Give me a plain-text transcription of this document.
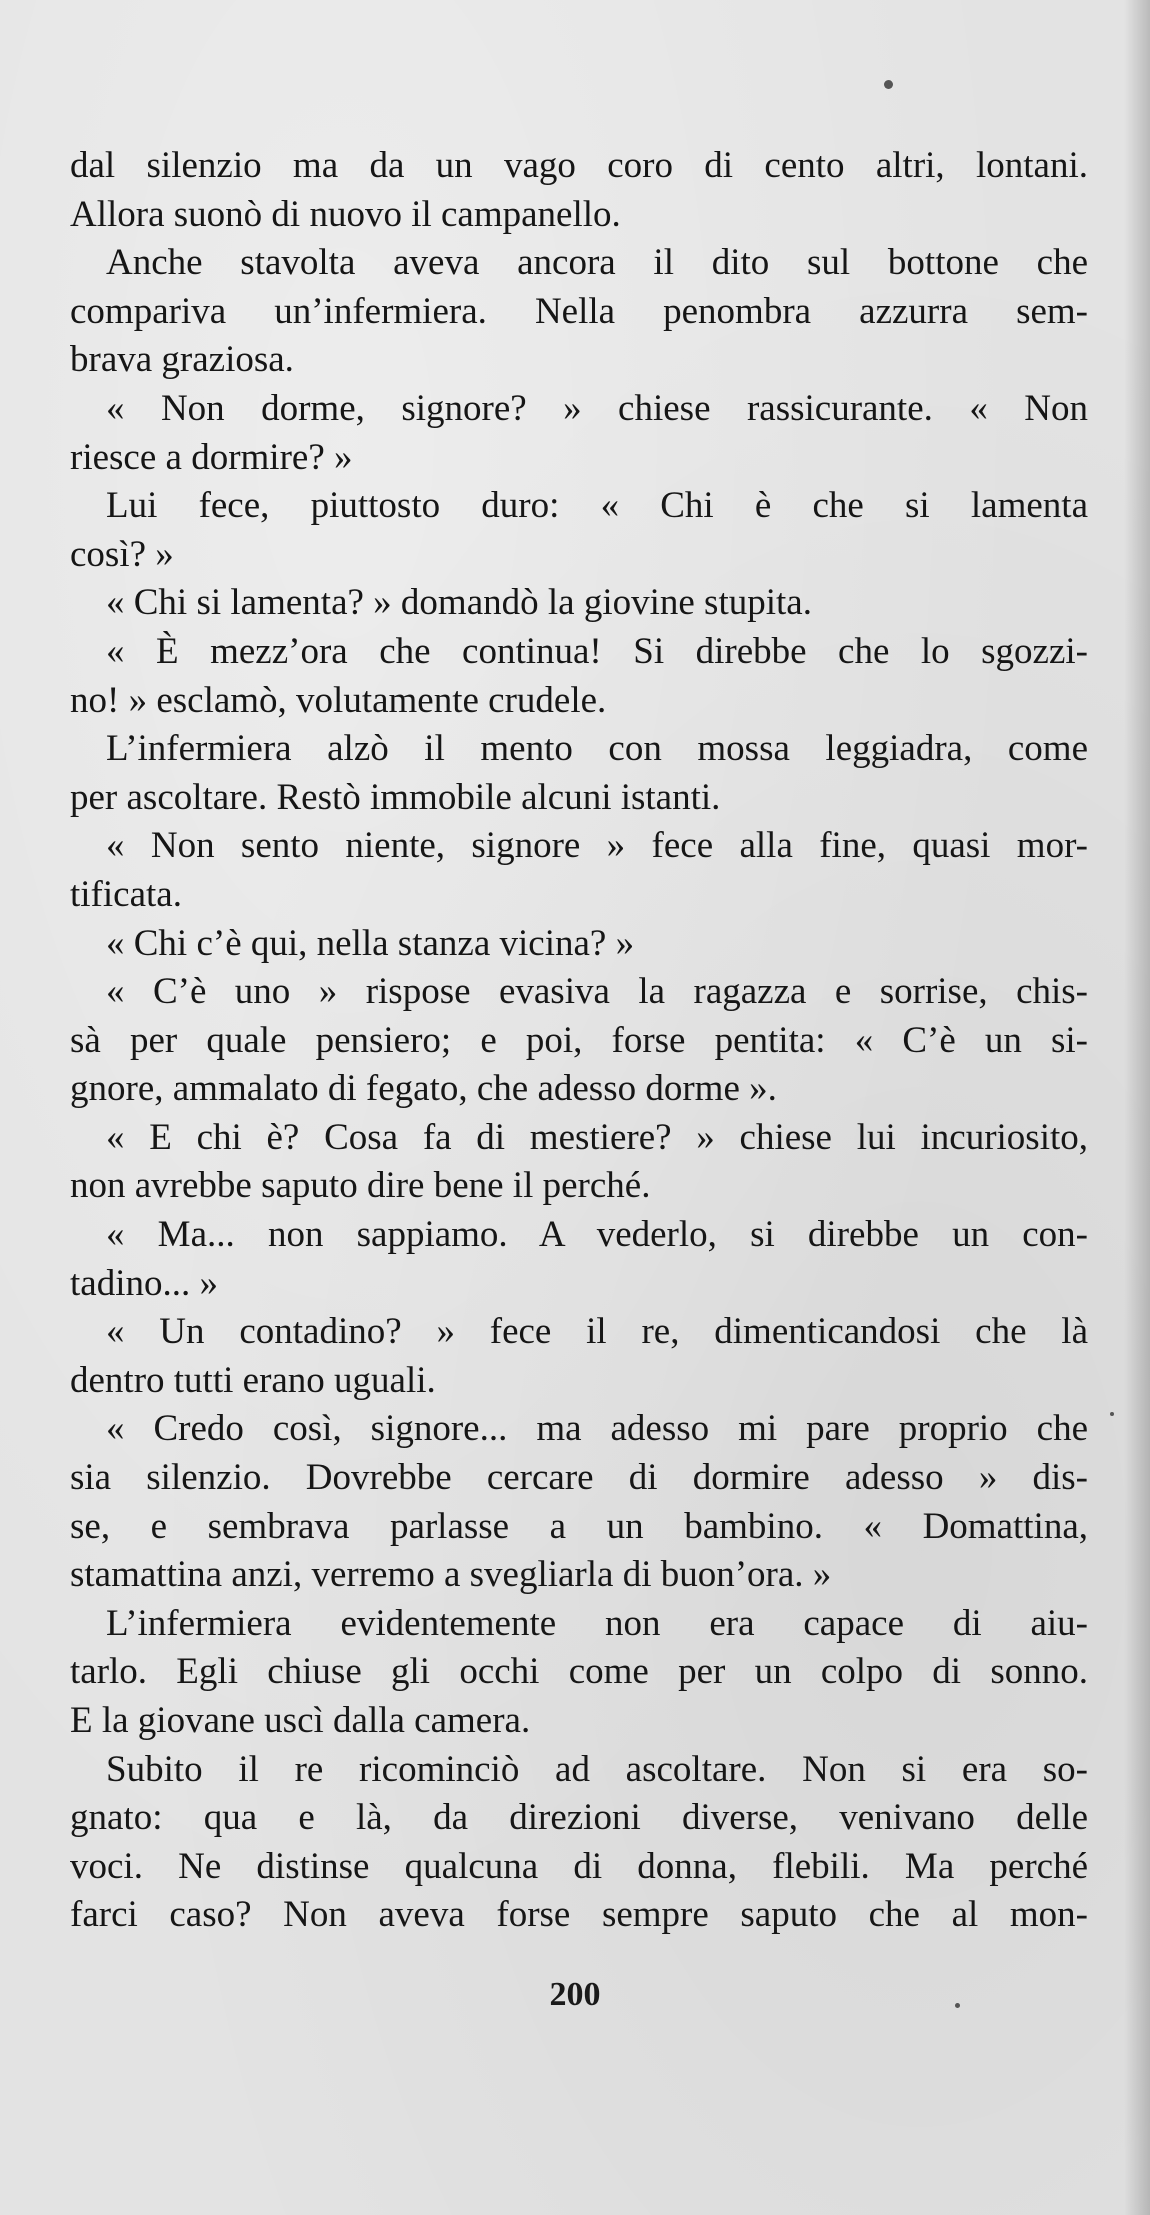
dal silenzio ma da un vago coro di cento altri, lontani.
Allora suonò di nuovo il campanello.
Anche stavolta aveva ancora il dito sul bottone che
compariva un’infermiera. Nella penombra azzurra sem-
brava graziosa.
« Non dorme, signore? » chiese rassicurante. « Non
riesce a dormire? »
Lui fece, piuttosto duro: « Chi è che si lamenta
così? »
« Chi si lamenta? » domandò la giovine stupita.
« È mezz’ora che continua! Si direbbe che lo sgozzi-
no! » esclamò, volutamente crudele.
L’infermiera alzò il mento con mossa leggiadra, come
per ascoltare. Restò immobile alcuni istanti.
« Non sento niente, signore » fece alla fine, quasi mor-
tificata.
« Chi c’è qui, nella stanza vicina? »
« C’è uno » rispose evasiva la ragazza e sorrise, chis-
sà per quale pensiero; e poi, forse pentita: « C’è un si-
gnore, ammalato di fegato, che adesso dorme ».
« E chi è? Cosa fa di mestiere? » chiese lui incuriosito,
non avrebbe saputo dire bene il perché.
« Ma... non sappiamo. A vederlo, si direbbe un con-
tadino... »
« Un contadino? » fece il re, dimenticandosi che là
dentro tutti erano uguali.
« Credo così, signore... ma adesso mi pare proprio che
sia silenzio. Dovrebbe cercare di dormire adesso » dis-
se, e sembrava parlasse a un bambino. « Domattina,
stamattina anzi, verremo a svegliarla di buon’ora. »
L’infermiera evidentemente non era capace di aiu-
tarlo. Egli chiuse gli occhi come per un colpo di sonno.
E la giovane uscì dalla camera.
Subito il re ricominciò ad ascoltare. Non si era so-
gnato: qua e là, da direzioni diverse, venivano delle
voci. Ne distinse qualcuna di donna, flebili. Ma perché
farci caso? Non aveva forse sempre saputo che al mon-
200
